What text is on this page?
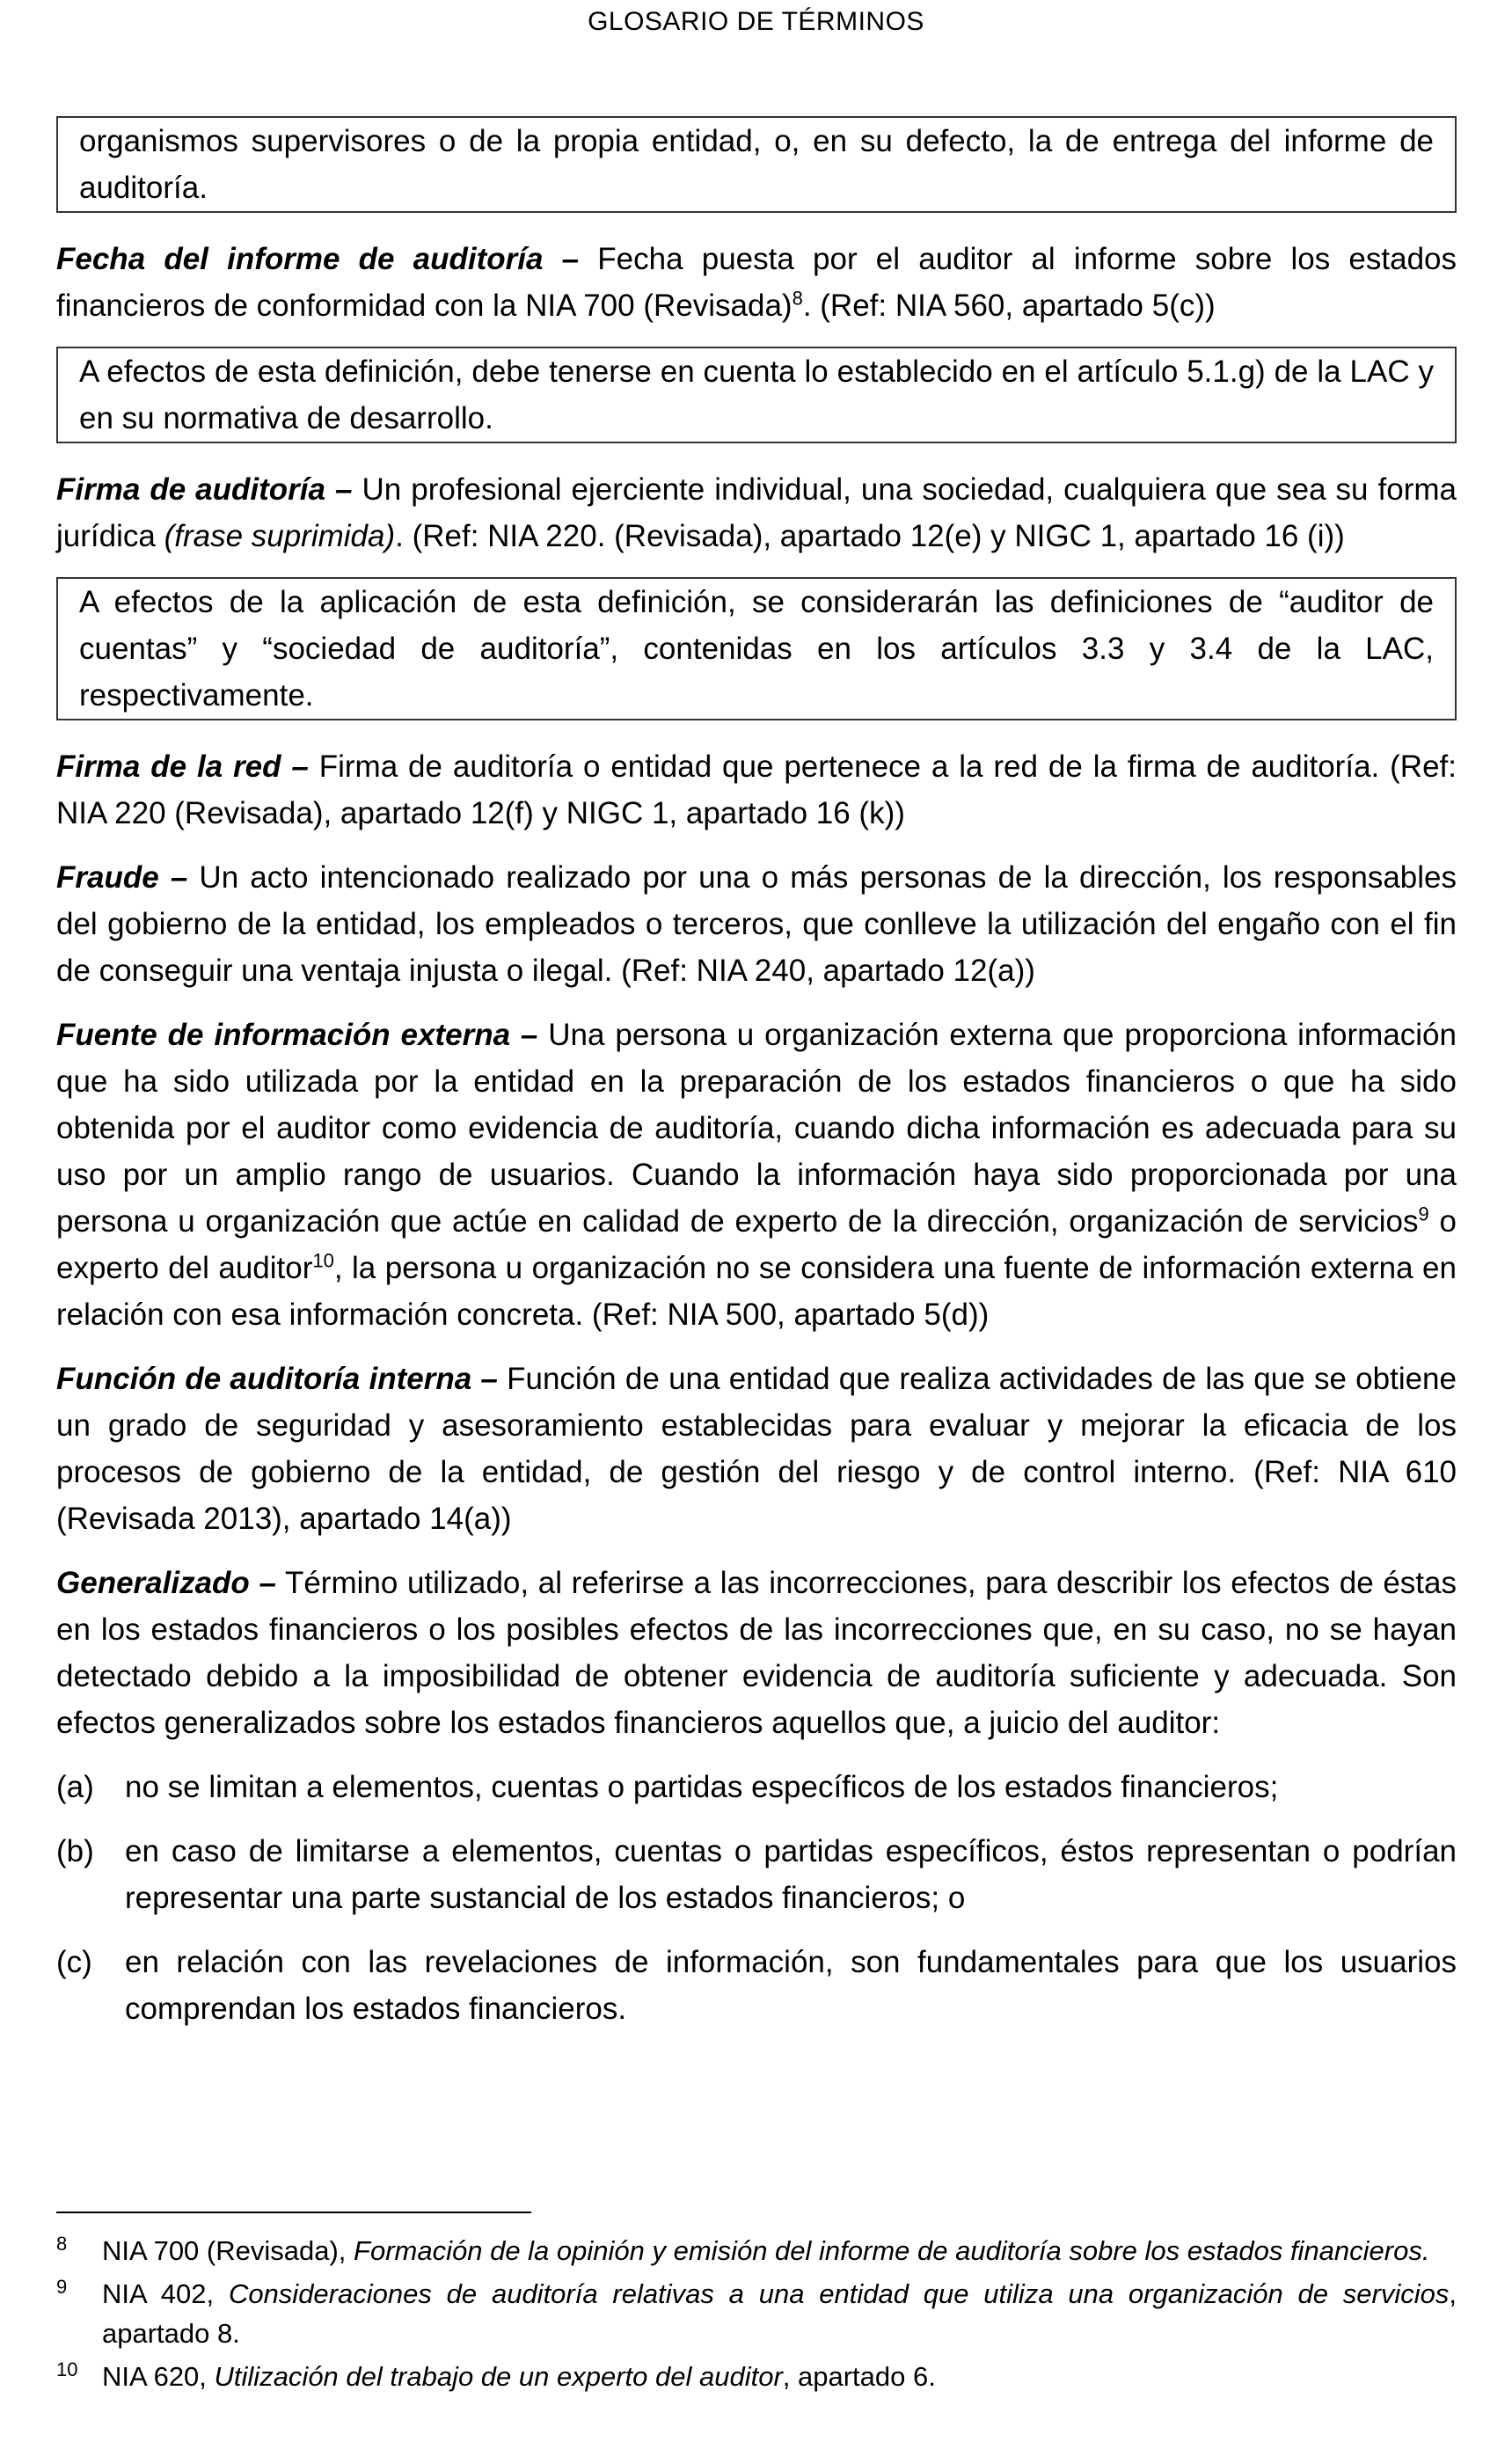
GLOSARIO DE TÉRMINOS
organismos supervisores o de la propia entidad, o, en su defecto, la de entrega del informe de auditoría.

Fecha del informe de auditoría – Fecha puesta por el auditor al informe sobre los estados financieros de conformidad con la NIA 700 (Revisada)$^8$. (Ref: NIA 560, apartado 5(c))

A efectos de esta definición, debe tenerse en cuenta lo establecido en el artículo 5.1.g) de la LAC y en su normativa de desarrollo.

Firma de auditoría – Un profesional ejerciente individual, una sociedad, cualquiera que sea su forma jurídica (frase suprimida). (Ref: NIA 220. (Revisada), apartado 12(e) y NIGC 1, apartado 16 (i))

A efectos de la aplicación de esta definición, se considerarán las definiciones de “auditor de cuentas” y “sociedad de auditoría”, contenidas en los artículos 3.3 y 3.4 de la LAC, respectivamente.

Firma de la red – Firma de auditoría o entidad que pertenece a la red de la firma de auditoría. (Ref: NIA 220 (Revisada), apartado 12(f) y NIGC 1, apartado 16 (k))

Fraude – Un acto intencionado realizado por una o más personas de la dirección, los responsables del gobierno de la entidad, los empleados o terceros, que conlleve la utilización del engaño con el fin de conseguir una ventaja injusta o ilegal. (Ref: NIA 240, apartado 12(a))

Fuente de información externa – Una persona u organización externa que proporciona información que ha sido utilizada por la entidad en la preparación de los estados financieros o que ha sido obtenida por el auditor como evidencia de auditoría, cuando dicha información es adecuada para su uso por un amplio rango de usuarios. Cuando la información haya sido proporcionada por una persona u organización que actúe en calidad de experto de la dirección, organización de servicios$^9$ o experto del auditor$^{10}$, la persona u organización no se considera una fuente de información externa en relación con esa información concreta. (Ref: NIA 500, apartado 5(d))

Función de auditoría interna – Función de una entidad que realiza actividades de las que se obtiene un grado de seguridad y asesoramiento establecidas para evaluar y mejorar la eficacia de los procesos de gobierno de la entidad, de gestión del riesgo y de control interno. (Ref: NIA 610 (Revisada 2013), apartado 14(a))

Generalizado – Término utilizado, al referirse a las incorrecciones, para describir los efectos de éstas en los estados financieros o los posibles efectos de las incorrecciones que, en su caso, no se hayan detectado debido a la imposibilidad de obtener evidencia de auditoría suficiente y adecuada. Son efectos generalizados sobre los estados financieros aquellos que, a juicio del auditor:

(a)	no se limitan a elementos, cuentas o partidas específicos de los estados financieros;
(b)	en caso de limitarse a elementos, cuentas o partidas específicos, éstos representan o podrían representar una parte sustancial de los estados financieros; o
(c)	en relación con las revelaciones de información, son fundamentales para que los usuarios comprendan los estados financieros.
8	NIA 700 (Revisada), Formación de la opinión y emisión del informe de auditoría sobre los estados financieros.
9	NIA 402, Consideraciones de auditoría relativas a una entidad que utiliza una organización de servicios, apartado 8.
10 NIA 620, Utilización del trabajo de un experto del auditor, apartado 6.
